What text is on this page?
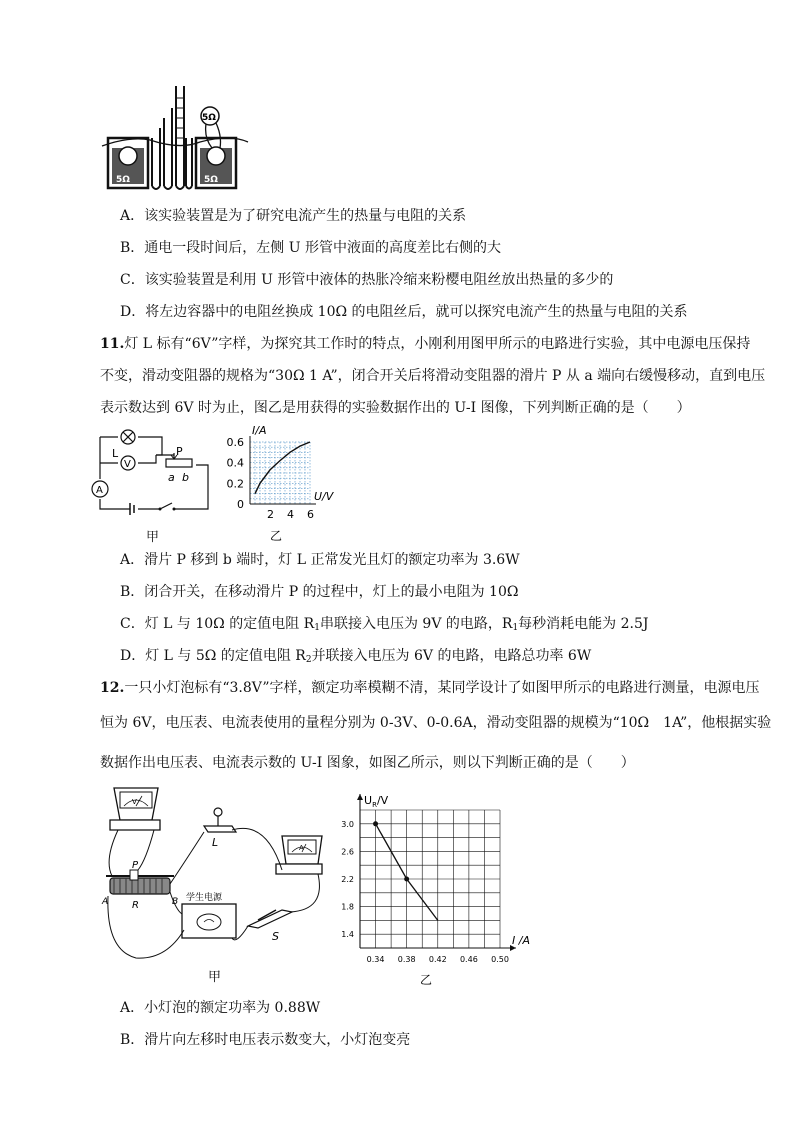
5Ω	5Ω
5Ω
A．该实验装置是为了研究电流产生的热量与电阻的关系
B．通电一段时间后，左侧 U 形管中液面的高度差比右侧的大
C．该实验装置是利用 U 形管中液体的热胀冷缩来粉樱电阻丝放出热量的多少的
D．将左边容器中的电阻丝换成 10Ω 的电阻丝后，就可以探究电流产生的热量与电阻的关系
11.灯 L 标有“6V”字样，为探究其工作时的特点，小刚利用图甲所示的电路进行实验，其中电源电压保持
不变，滑动变阻器的规格为“30Ω 1 A”，闭合开关后将滑动变阻器的滑片 P 从 a 端向右缓慢移动，直到电压
表示数达到 6V 时为止，图乙是用获得的实验数据作出的 U-I 图像，下列判断正确的是（　　）
L
V
A
P
a b
甲
I/A
U/V
乙
2 4 6
0
0.2
0.4
0.6
A．滑片 P 移到 b 端时，灯 L 正常发光且灯的额定功率为 3.6W
B．闭合开关，在移动滑片 P 的过程中，灯上的最小电阻为 10Ω
C．灯 L 与 10Ω 的定值电阻 $R_1$串联接入电压为 9V 的电路，$R_1$每秒消耗电能为 2.5J
D．灯 L 与 5Ω 的定值电阻 $R_2$并联接入电压为 6V 的电路，电路总功率 6W
12.一只小灯泡标有“3.8V”字样，额定功率模糊不清，某同学设计了如图甲所示的电路进行测量，电源电压
恒为 6V，电压表、电流表使用的量程分别为 0-3V、0-0.6A，滑动变阻器的规模为“10Ω　1A”，他根据实验
数据作出电压表、电流表示数的 U-I 图象，如图乙所示，则以下判断正确的是（　　）
V
A
L
P
R
A	B 学生电源
S
甲
$U_R/V$
I /A
乙
0.34 0.38 0.42 0.46 0.50
1.4
1.8
2.2
2.6
3.0
A．小灯泡的额定功率为 0.88W
B．滑片向左移时电压表示数变大，小灯泡变亮
